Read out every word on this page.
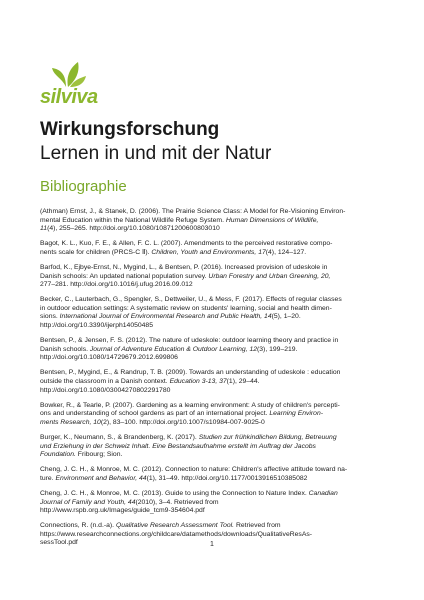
silviva
Wirkungsforschung
Lernen in und mit der Natur
Bibliographie
(Athman) Ernst, J., & Stanek, D. (2006). The Prairie Science Class: A Model for Re-Visioning Environ-
mental Education within the National Wildlife Refuge System. Human Dimensions of Wildlife,
11(4), 255–265. http://doi.org/10.1080/10871200600803010
Bagot, K. L., Kuo, F. E., & Allen, F. C. L. (2007). Amendments to the perceived restorative compo-
nents scale for children (PRCS-C Ⅱ). Children, Youth and Environments, 17(4), 124–127.
Barfod, K., Ejbye-Ernst, N., Mygind, L., & Bentsen, P. (2016). Increased provision of udeskole in
Danish schools: An updated national population survey. Urban Forestry and Urban Greening, 20,
277–281. http://doi.org/10.1016/j.ufug.2016.09.012
Becker, C., Lauterbach, G., Spengler, S., Dettweiler, U., & Mess, F. (2017). Effects of regular classes
in outdoor education settings: A systematic review on students' learning, social and health dimen-
sions. International Journal of Environmental Research and Public Health, 14(5), 1–20.
http://doi.org/10.3390/ijerph14050485
Bentsen, P., & Jensen, F. S. (2012). The nature of udeskole: outdoor learning theory and practice in
Danish schools. Journal of Adventure Education & Outdoor Learning, 12(3), 199–219.
http://doi.org/10.1080/14729679.2012.699806
Bentsen, P., Mygind, E., & Randrup, T. B. (2009). Towards an understanding of udeskole : education
outside the classroom in a Danish context. Education 3-13, 37(1), 29–44.
http://doi.org/10.1080/03004270802291780
Bowker, R., & Tearle, P. (2007). Gardening as a learning environment: A study of children's percepti-
ons and understanding of school gardens as part of an international project. Learning Environ-
ments Research, 10(2), 83–100. http://doi.org/10.1007/s10984-007-9025-0
Burger, K., Neumann, S., & Brandenberg, K. (2017). Studien zur frühkindlichen Bildung, Betreuung
und Erziehung in der Schweiz Inhalt. Eine Bestandsaufnahme erstellt im Auftrag der Jacobs
Foundation. Fribourg; Sion.
Cheng, J. C. H., & Monroe, M. C. (2012). Connection to nature: Children's affective attitude toward na-
ture. Environment and Behavior, 44(1), 31–49. http://doi.org/10.1177/0013916510385082
Cheng, J. C. H., & Monroe, M. C. (2013). Guide to using the Connection to Nature Index. Canadian
Journal of Family and Youth, 44(2010), 3–4. Retrieved from
http://www.rspb.org.uk/Images/guide_tcm9-354604.pdf
Connections, R. (n.d.-a). Qualitative Research Assessment Tool. Retrieved from
https://www.researchconnections.org/childcare/datamethods/downloads/QualitativeResAs-
sessTool.pdf	1
